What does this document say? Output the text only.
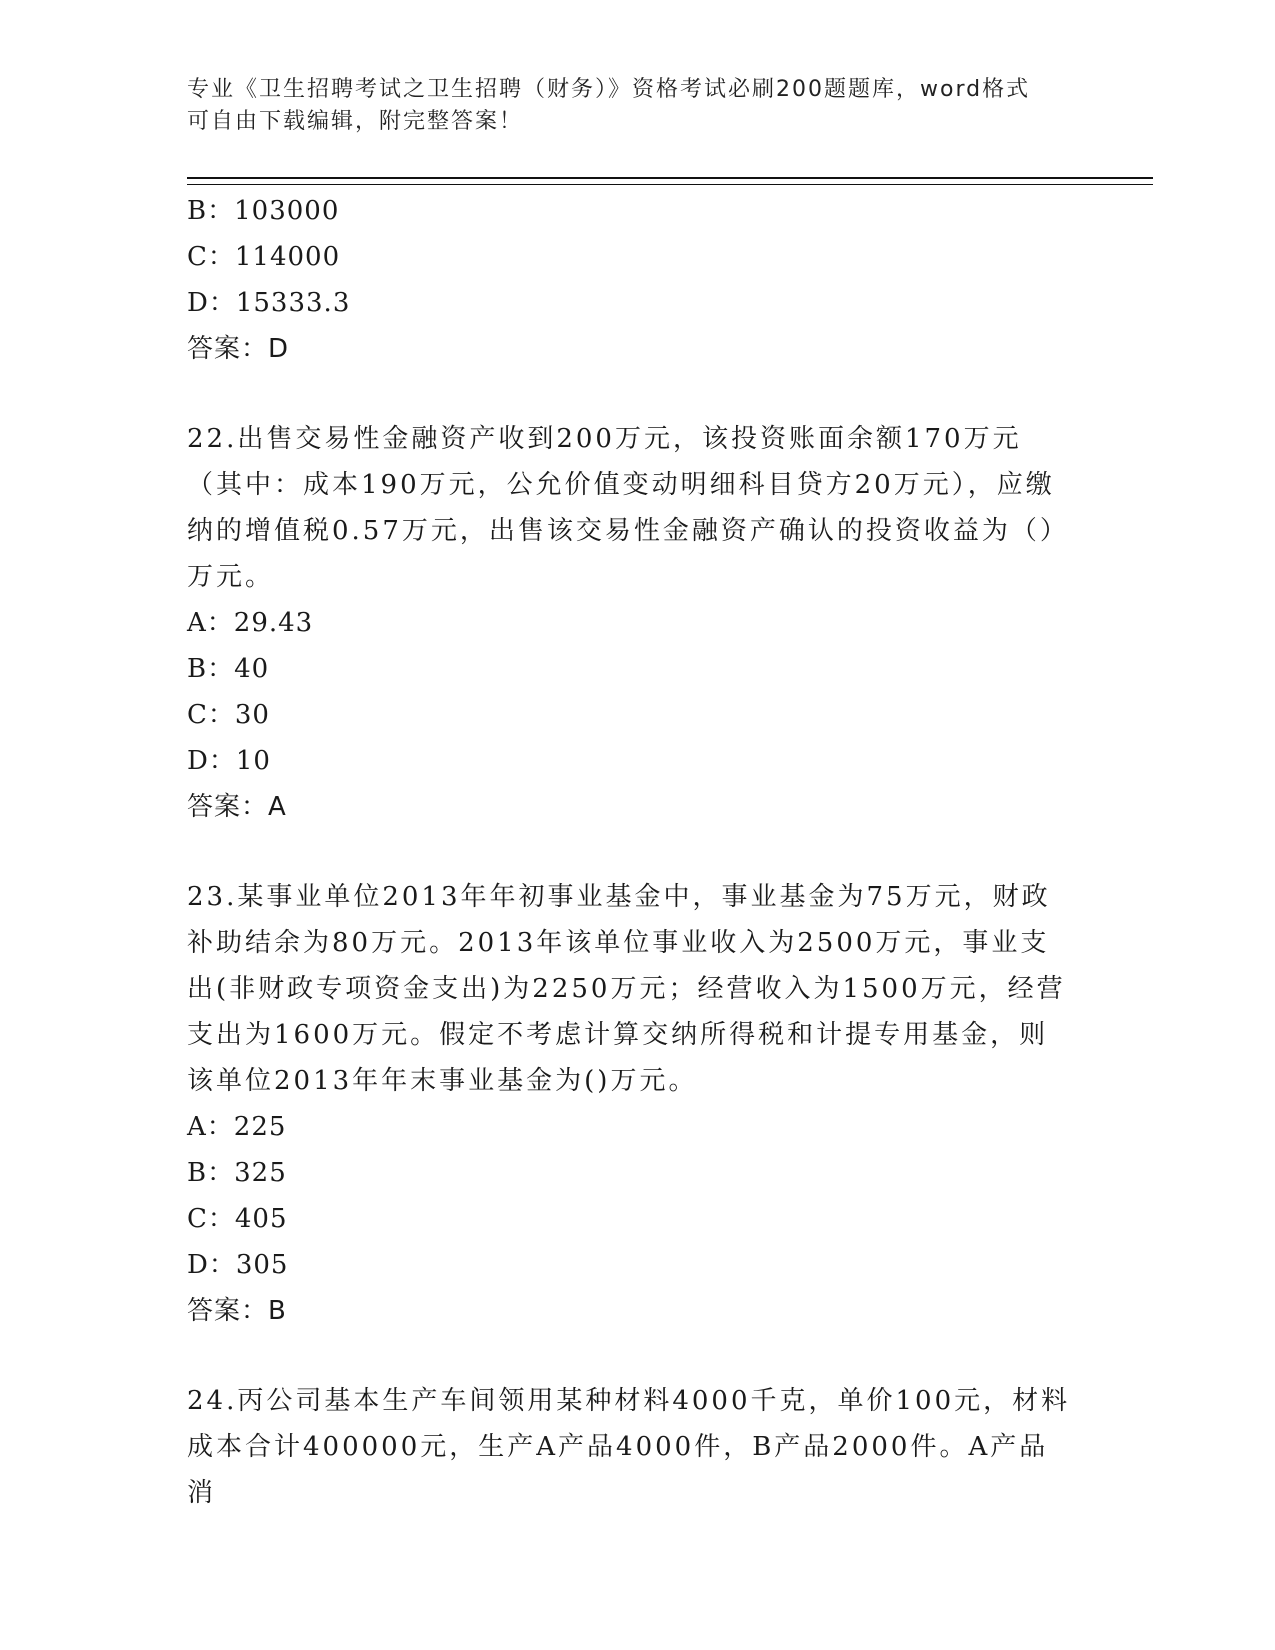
专业《卫生招聘考试之卫生招聘（财务）》资格考试必刷200题题库，word格式
可自由下载编辑，附完整答案！
B：103000
C：114000
D：15333.3
答案：D
22.出售交易性金融资产收到200万元，该投资账面余额170万元（其中：成本190万元，公允价值变动明细科目贷方20万元），应缴纳的增值税0.57万元，出售该交易性金融资产确认的投资收益为（）万元。
A：29.43
B：40
C：30
D：10
答案：A
23.某事业单位2013年年初事业基金中，事业基金为75万元，财政补助结余为80万元。2013年该单位事业收入为2500万元，事业支出(非财政专项资金支出)为2250万元；经营收入为1500万元，经营支出为1600万元。假定不考虑计算交纳所得税和计提专用基金，则该单位2013年年末事业基金为()万元。
A：225
B：325
C：405
D：305
答案：B
24.丙公司基本生产车间领用某种材料4000千克，单价100元，材料成本合计400000元，生产A产品4000件，B产品2000件。A产品消
